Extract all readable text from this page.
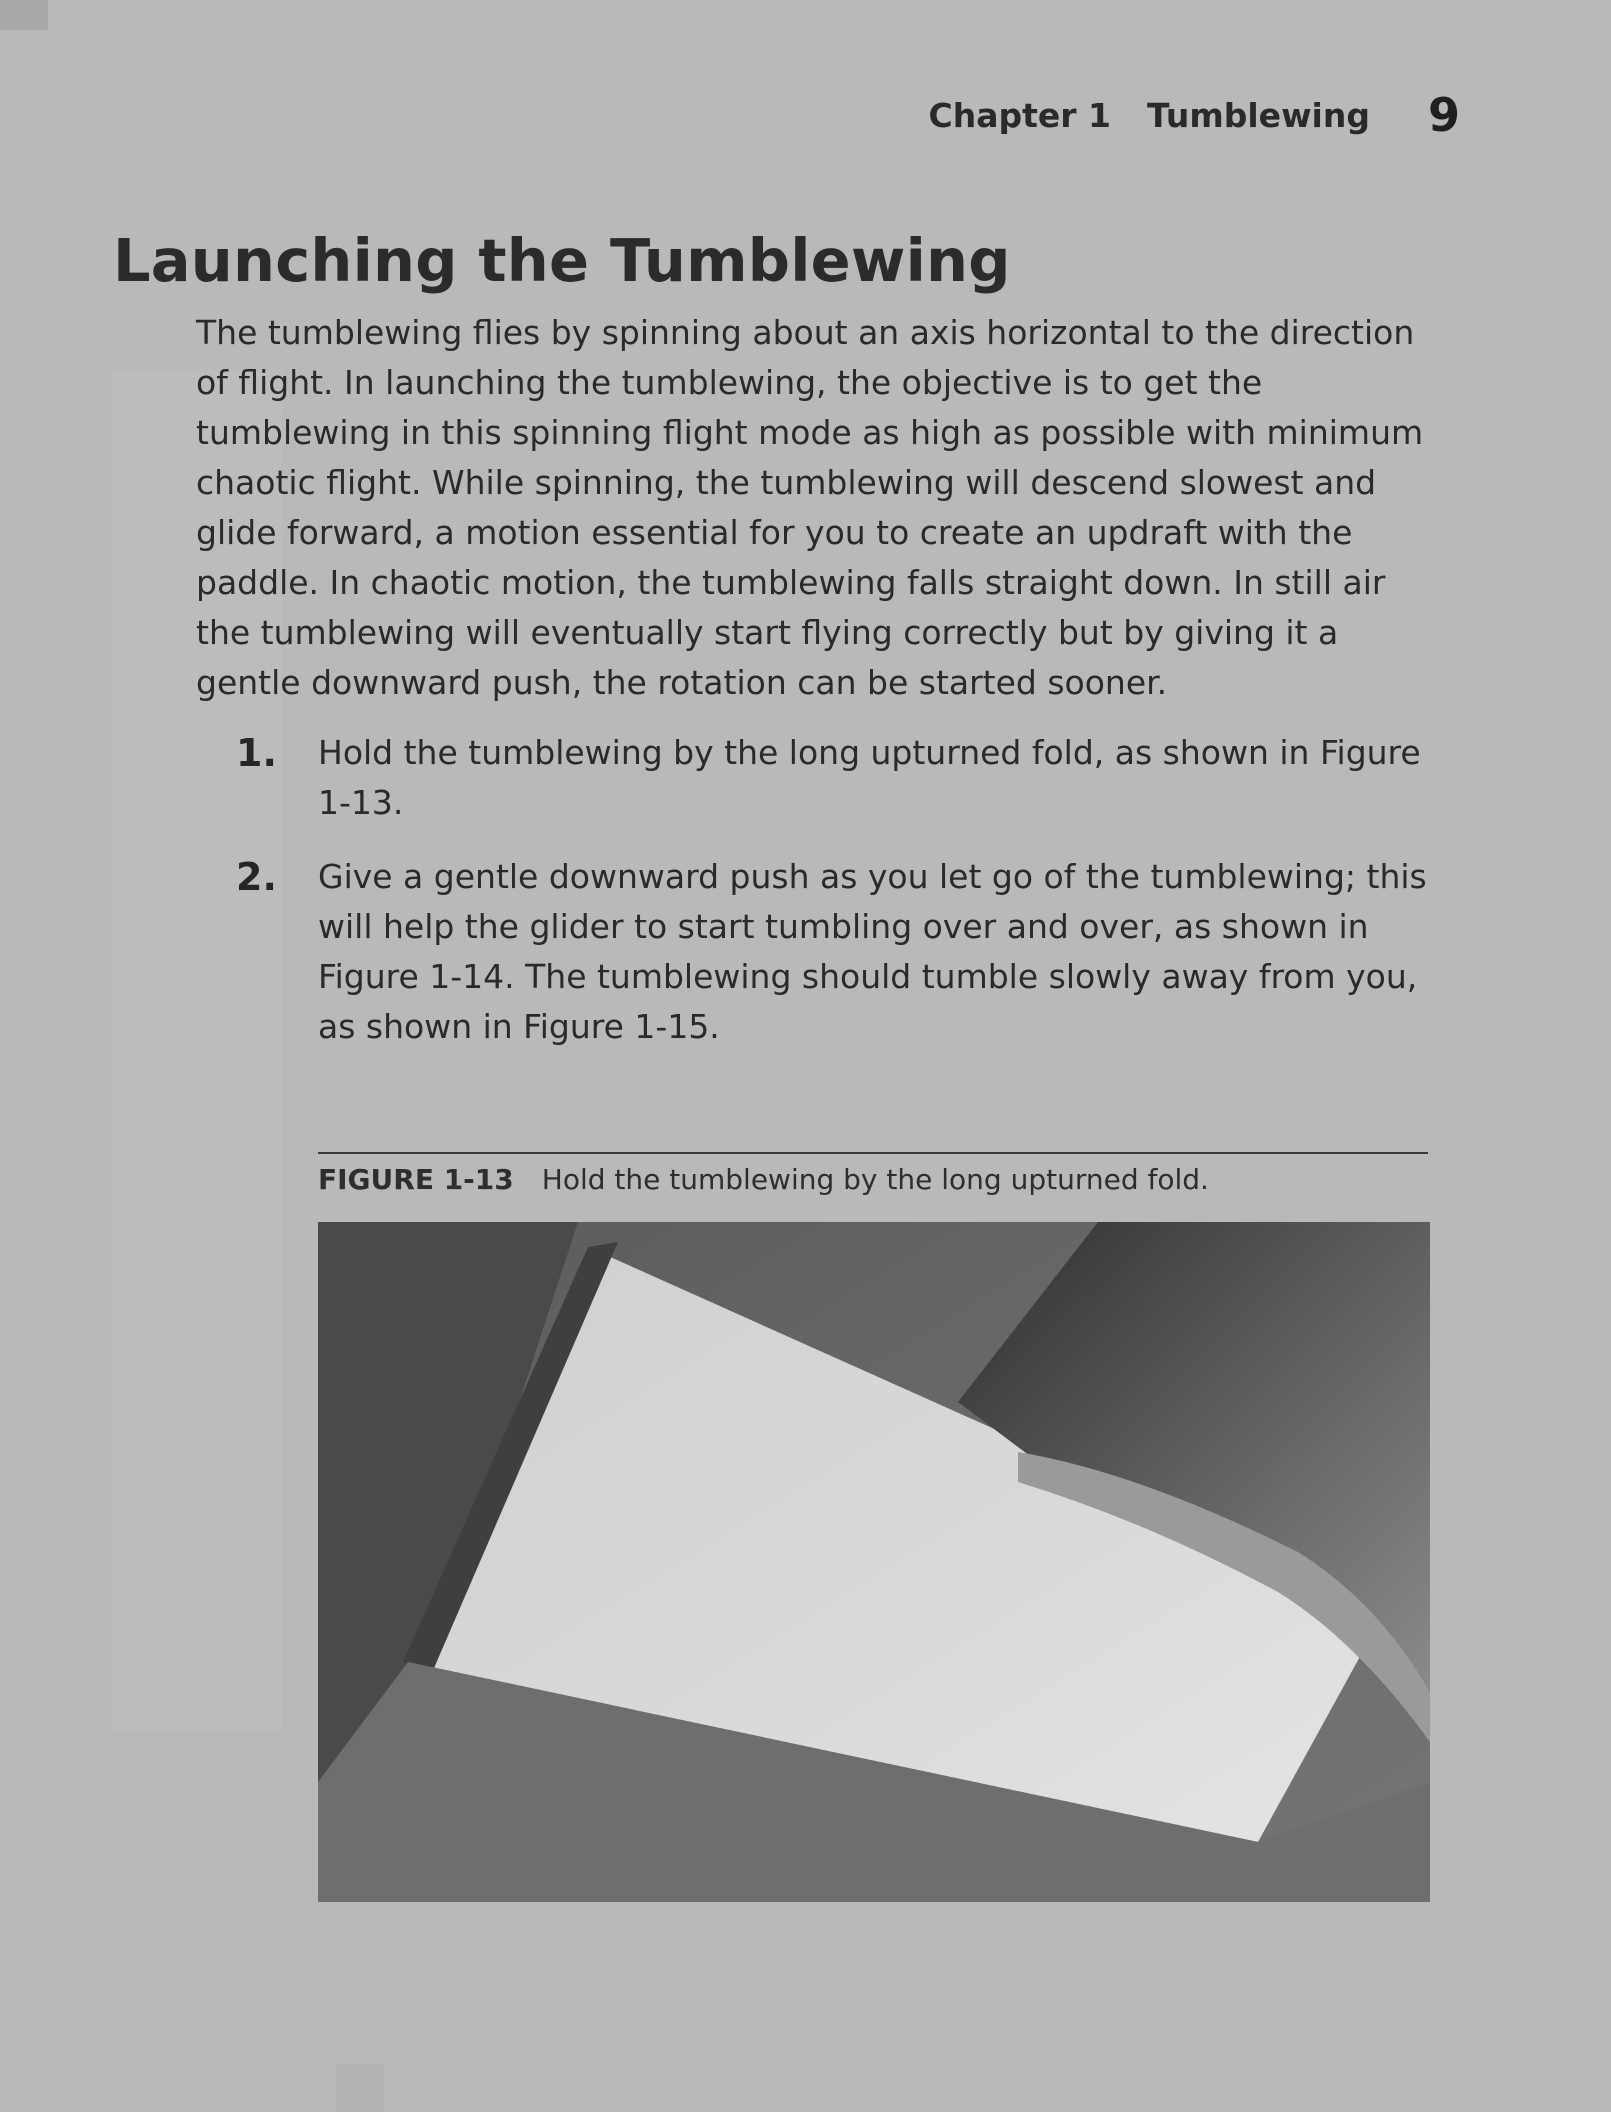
Chapter 1 Tumblewing 9
Launching the Tumblewing

The tumblewing flies by spinning about an axis horizontal to the direction of flight. In launching the tumblewing, the objective is to get the tumblewing in this spinning flight mode as high as possible with minimum chaotic flight. While spinning, the tumblewing will descend slowest and glide forward, a motion essential for you to create an updraft with the paddle. In chaotic motion, the tumblewing falls straight down. In still air the tumblewing will eventually start flying correctly but by giving it a gentle downward push, the rotation can be started sooner.

1.	Hold the tumblewing by the long upturned fold, as shown in Figure 1-13.
2.	Give a gentle downward push as you let go of the tumblewing; this will help the glider to start tumbling over and over, as shown in Figure 1-14. The tumblewing should tumble slowly away from you, as shown in Figure 1-15.
FIGURE 1-13 Hold the tumblewing by the long upturned fold.
